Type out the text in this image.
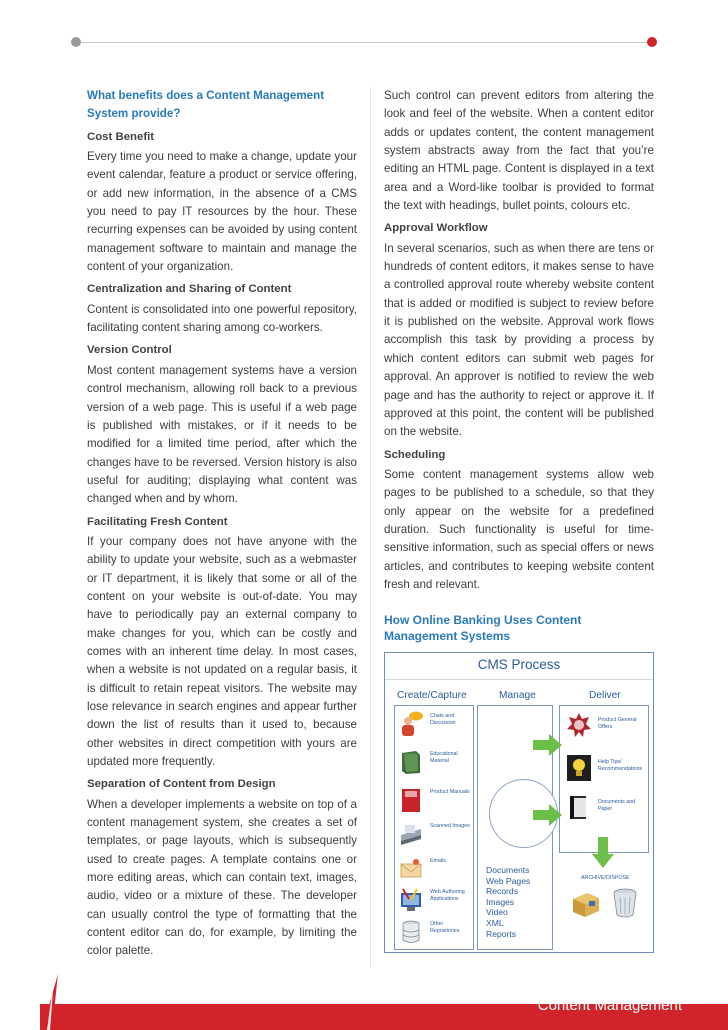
What benefits does a Content Management System provide?
Cost Benefit

Every time you need to make a change, update your event calendar, feature a product or service offering, or add new information, in the absence of a CMS you need to pay IT resources by the hour. These recurring expenses can be avoided by using content management software to maintain and manage the content of your organization.

Centralization and Sharing of Content

Content is consolidated into one powerful repository, facilitating content sharing among co-workers.

Version Control

Most content management systems have a version control mechanism, allowing roll back to a previous version of a web page. This is useful if a web page is published with mistakes, or if it needs to be modified for a limited time period, after which the changes have to be reversed. Version history is also useful for auditing; displaying what content was changed when and by whom.

Facilitating Fresh Content

If your company does not have anyone with the ability to update your website, such as a webmaster or IT department, it is likely that some or all of the content on your website is out-of-date. You may have to periodically pay an external company to make changes for you, which can be costly and comes with an inherent time delay. In most cases, when a website is not updated on a regular basis, it is difficult to retain repeat visitors. The website may lose relevance in search engines and appear further down the list of results than it used to, because other websites in direct competition with yours are updated more frequently.

Separation of Content from Design

When a developer implements a website on top of a content management system, she creates a set of templates, or page layouts, which is subsequently used to create pages. A template contains one or more editing areas, which can contain text, images, audio, video or a mixture of these. The developer can usually control the type of formatting that the content editor can do, for example, by limiting the color palette.

Such control can prevent editors from altering the look and feel of the website. When a content editor adds or updates content, the content management system abstracts away from the fact that you’re editing an HTML page. Content is displayed in a text area and a Word-like toolbar is provided to format the text with headings, bullet points, colours etc.

Approval Workflow

In several scenarios, such as when there are tens or hundreds of content editors, it makes sense to have a controlled approval route whereby website content that is added or modified is subject to review before it is published on the website. Approval work flows accomplish this task by providing a process by which content editors can submit web pages for approval. An approver is notified to review the web page and has the authority to reject or approve it. If approved at this point, the content will be published on the website.

Scheduling

Some content management systems allow web pages to be published to a schedule, so that they only appear on the website for a predefined duration. Such functionality is useful for time-sensitive information, such as special offers or news articles, and contributes to keeping website content fresh and relevant.

How Online Banking Uses Content Management Systems
CMS Process
Create/Capture	Manage	Deliver
Chats and Discussion
Educational Material
Product Manuals
Scanned Images
Emails
Web Authoring Applications
Other Repositories
Documents
Web Pages
Records
Images
Video
XML
Reports
Product General Offers
Help Tips/ Recommendations
Documents and Paper
ARCHIVE/DISPOSE
Content Management
